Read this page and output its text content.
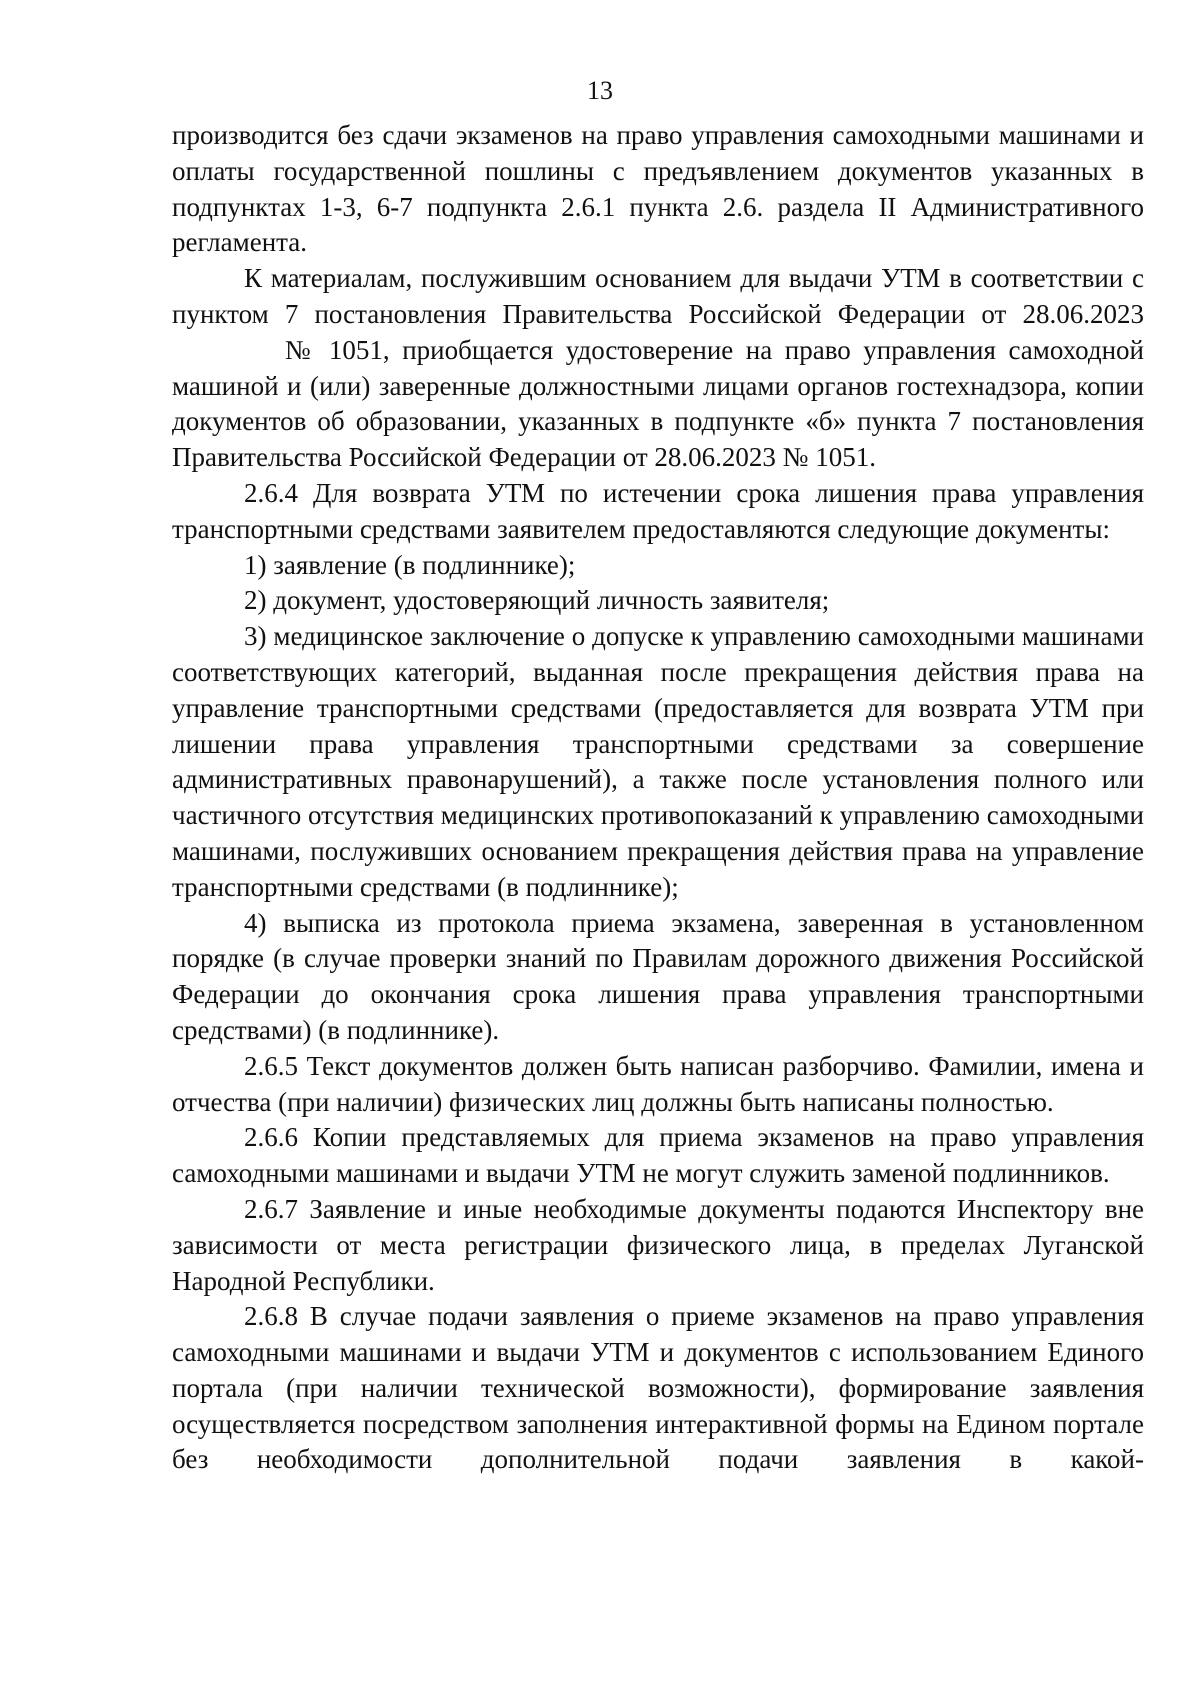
13

производится без сдачи экзаменов на право управления самоходными машинами и оплаты государственной пошлины с предъявлением документов указанных в подпунктах 1-3, 6-7 подпункта 2.6.1 пункта 2.6. раздела II Административного регламента.

К материалам, послужившим основанием для выдачи УТМ в соответствии с пунктом 7 постановления Правительства Российской Федерации от 28.06.2023          № 1051, приобщается удостоверение на право управления самоходной машиной и (или) заверенные должностными лицами органов гостехнадзора, копии документов об образовании, указанных в подпункте «б» пункта 7 постановления Правительства Российской Федерации от 28.06.2023 № 1051.

2.6.4 Для возврата УТМ по истечении срока лишения права управления транспортными средствами заявителем предоставляются следующие документы:

1) заявление (в подлиннике);

2) документ, удостоверяющий личность заявителя;

3) медицинское заключение о допуске к управлению самоходными машинами соответствующих категорий, выданная после прекращения действия права на управление транспортными средствами (предоставляется для возврата УТМ при лишении права управления транспортными средствами за совершение административных правонарушений), а также после установления полного или частичного отсутствия медицинских противопоказаний к управлению самоходными машинами, послуживших основанием прекращения действия права на управление транспортными средствами (в подлиннике);

4) выписка из протокола приема экзамена, заверенная в установленном порядке (в случае проверки знаний по Правилам дорожного движения Российской Федерации до окончания срока лишения права управления транспортными средствами) (в подлиннике).

2.6.5 Текст документов должен быть написан разборчиво. Фамилии, имена и отчества (при наличии) физических лиц должны быть написаны полностью.

2.6.6 Копии представляемых для приема экзаменов на право управления самоходными машинами и выдачи УТМ не могут служить заменой подлинников.

2.6.7 Заявление и иные необходимые документы подаются Инспектору вне зависимости от места регистрации физического лица, в пределах Луганской Народной Республики.

2.6.8 В случае подачи заявления о приеме экзаменов на право управления самоходными машинами и выдачи УТМ и документов с использованием Единого портала (при наличии технической возможности), формирование заявления осуществляется посредством заполнения интерактивной формы на Едином портале без необходимости дополнительной подачи заявления в какой-
